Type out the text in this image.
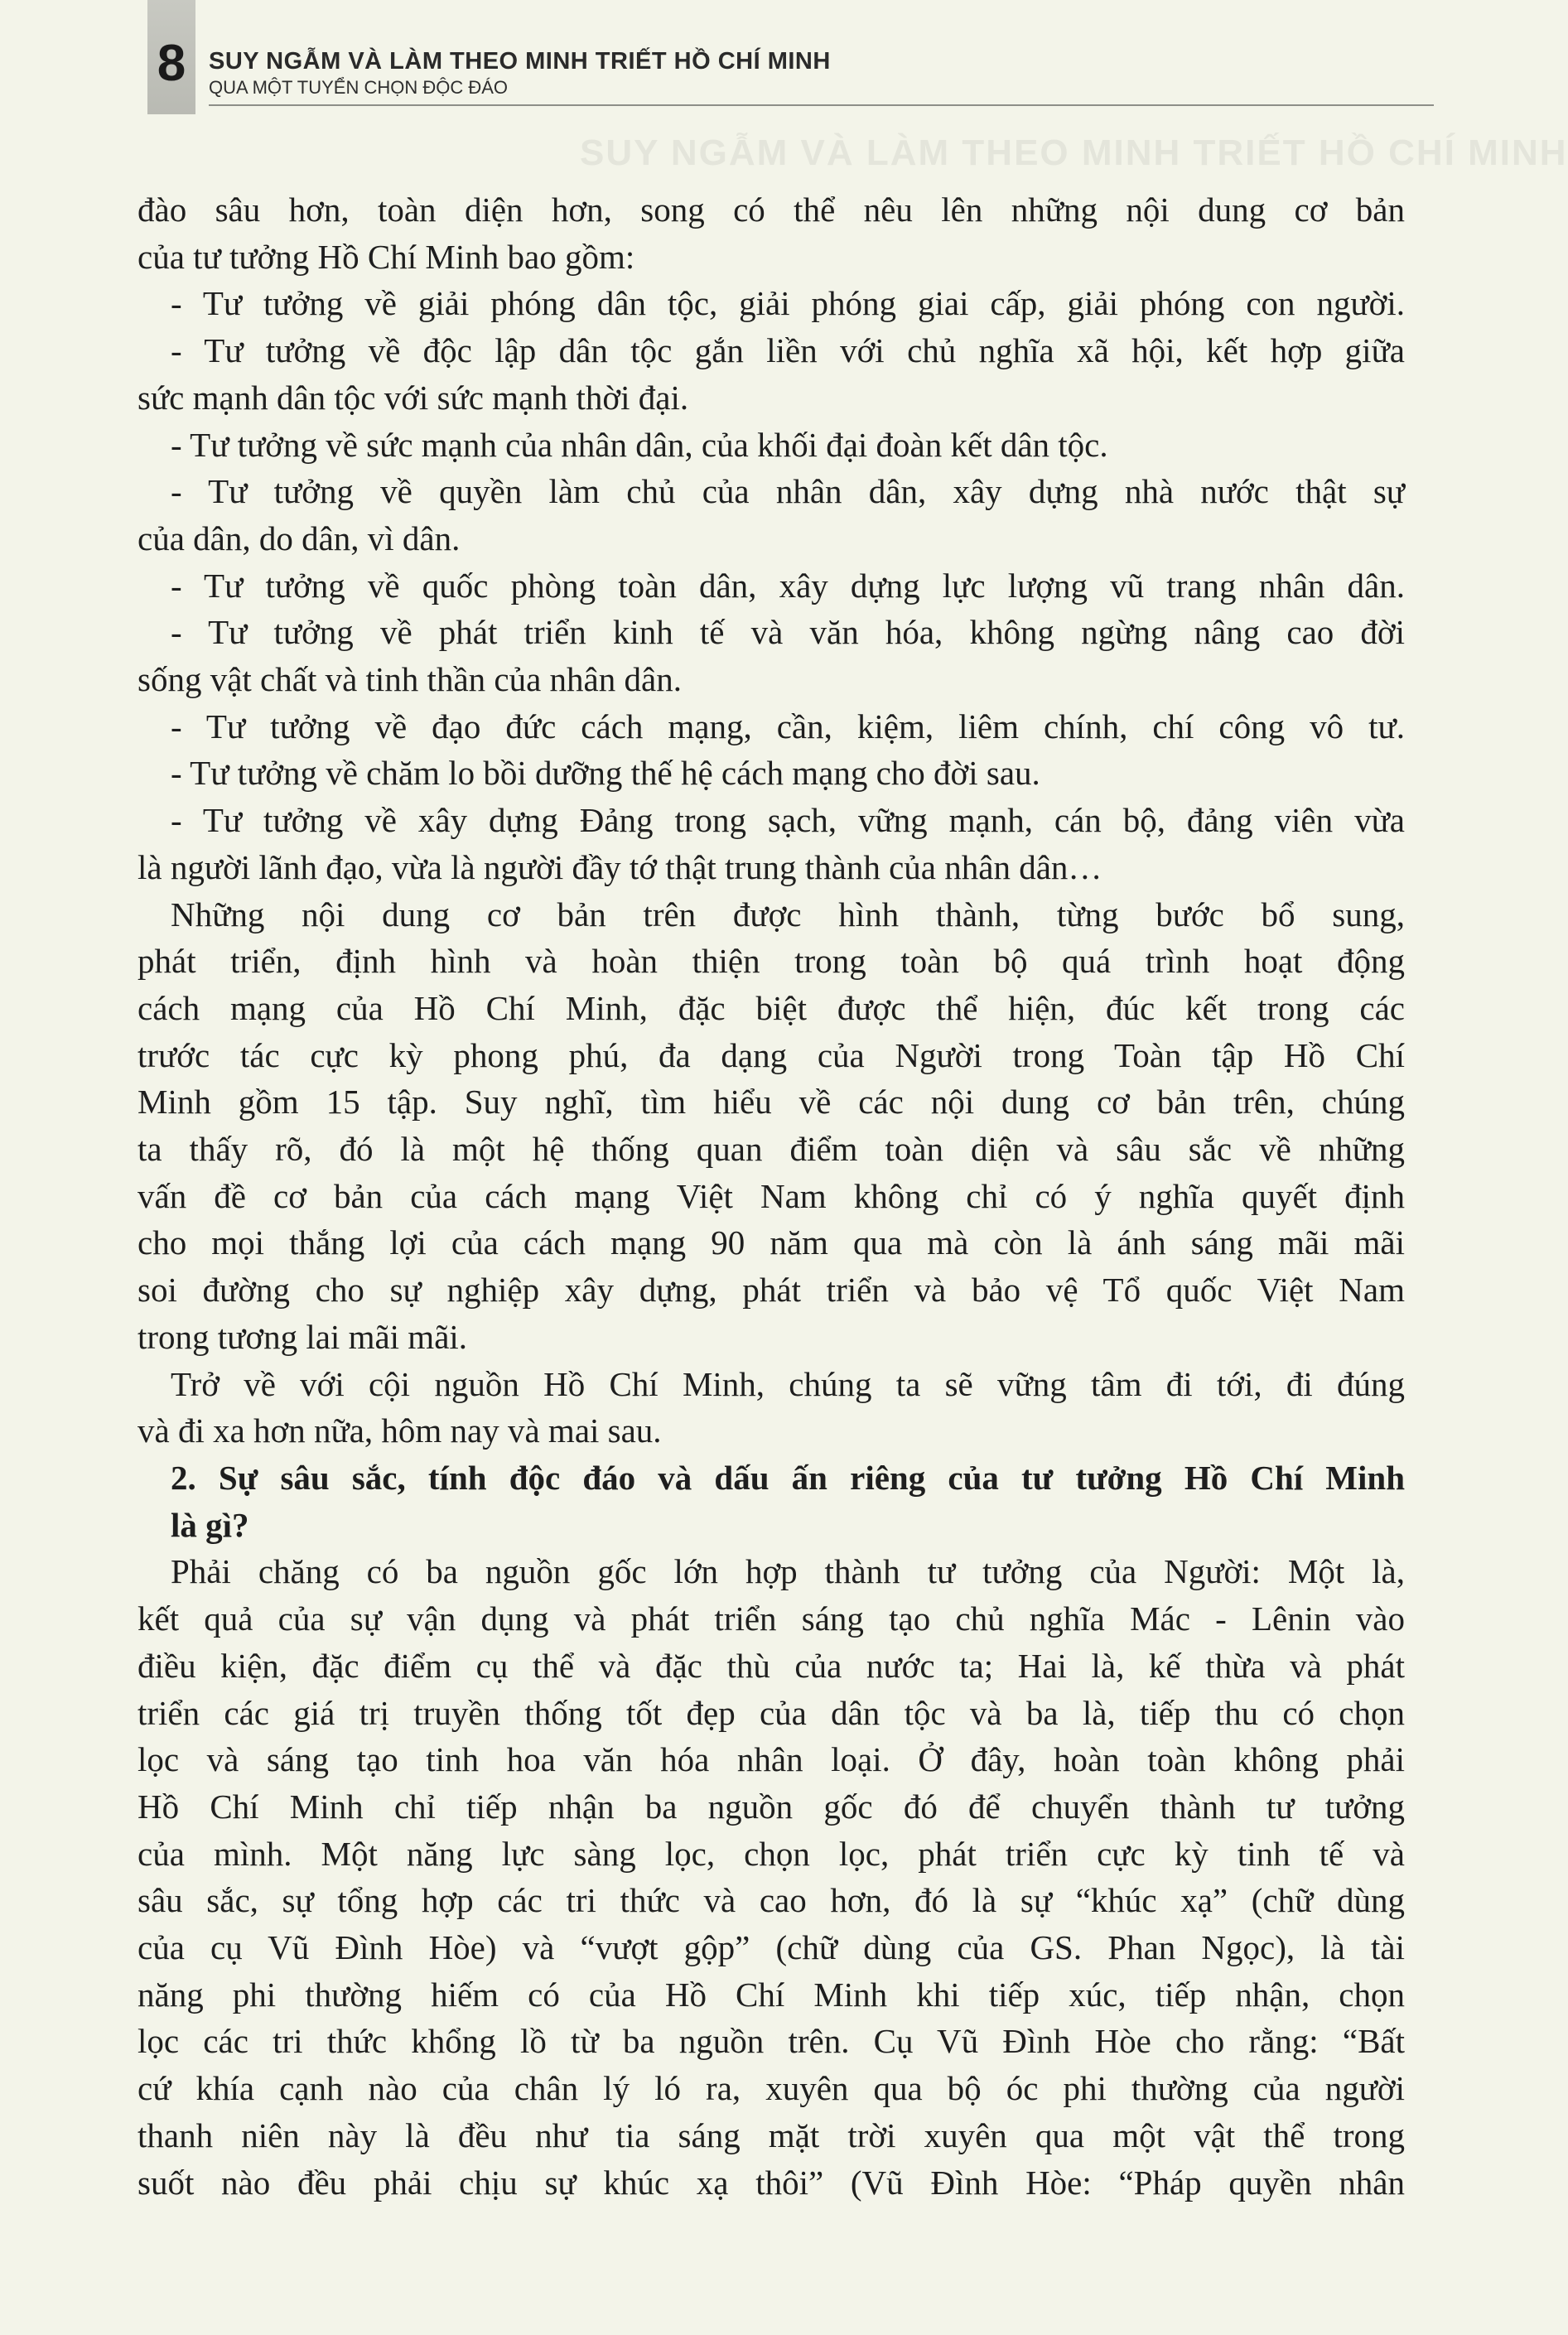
SUY NGẪM VÀ LÀM THEO MINH TRIẾT HỒ CHÍ MINH
8 SUY NGẪM VÀ LÀM THEO MINH TRIẾT HỒ CHÍ MINH
QUA MỘT TUYỂN CHỌN ĐỘC ĐÁO

đào sâu hơn, toàn diện hơn, song có thể nêu lên những nội dung cơ bản

của tư tưởng Hồ Chí Minh bao gồm:

- Tư tưởng về giải phóng dân tộc, giải phóng giai cấp, giải phóng con người.

- Tư tưởng về độc lập dân tộc gắn liền với chủ nghĩa xã hội, kết hợp giữa

sức mạnh dân tộc với sức mạnh thời đại.

- Tư tưởng về sức mạnh của nhân dân, của khối đại đoàn kết dân tộc.

- Tư tưởng về quyền làm chủ của nhân dân, xây dựng nhà nước thật sự

của dân, do dân, vì dân.

- Tư tưởng về quốc phòng toàn dân, xây dựng lực lượng vũ trang nhân dân.

- Tư tưởng về phát triển kinh tế và văn hóa, không ngừng nâng cao đời

sống vật chất và tinh thần của nhân dân.

- Tư tưởng về đạo đức cách mạng, cần, kiệm, liêm chính, chí công vô tư.

- Tư tưởng về chăm lo bồi dưỡng thế hệ cách mạng cho đời sau.

- Tư tưởng về xây dựng Đảng trong sạch, vững mạnh, cán bộ, đảng viên vừa

là người lãnh đạo, vừa là người đầy tớ thật trung thành của nhân dân…

Những nội dung cơ bản trên được hình thành, từng bước bổ sung,

phát triển, định hình và hoàn thiện trong toàn bộ quá trình hoạt động

cách mạng của Hồ Chí Minh, đặc biệt được thể hiện, đúc kết trong các

trước tác cực kỳ phong phú, đa dạng của Người trong Toàn tập Hồ Chí

Minh gồm 15 tập. Suy nghĩ, tìm hiểu về các nội dung cơ bản trên, chúng

ta thấy rõ, đó là một hệ thống quan điểm toàn diện và sâu sắc về những

vấn đề cơ bản của cách mạng Việt Nam không chỉ có ý nghĩa quyết định

cho mọi thắng lợi của cách mạng 90 năm qua mà còn là ánh sáng mãi mãi

soi đường cho sự nghiệp xây dựng, phát triển và bảo vệ Tổ quốc Việt Nam

trong tương lai mãi mãi.

Trở về với cội nguồn Hồ Chí Minh, chúng ta sẽ vững tâm đi tới, đi đúng

và đi xa hơn nữa, hôm nay và mai sau.

2. Sự sâu sắc, tính độc đáo và dấu ấn riêng của tư tưởng Hồ Chí Minh

là gì?

Phải chăng có ba nguồn gốc lớn hợp thành tư tưởng của Người: Một là,

kết quả của sự vận dụng và phát triển sáng tạo chủ nghĩa Mác - Lênin vào

điều kiện, đặc điểm cụ thể và đặc thù của nước ta; Hai là, kế thừa và phát

triển các giá trị truyền thống tốt đẹp của dân tộc và ba là, tiếp thu có chọn

lọc và sáng tạo tinh hoa văn hóa nhân loại. Ở đây, hoàn toàn không phải

Hồ Chí Minh chỉ tiếp nhận ba nguồn gốc đó để chuyển thành tư tưởng

của mình. Một năng lực sàng lọc, chọn lọc, phát triển cực kỳ tinh tế và

sâu sắc, sự tổng hợp các tri thức và cao hơn, đó là sự “khúc xạ” (chữ dùng

của cụ Vũ Đình Hòe) và “vượt gộp” (chữ dùng của GS. Phan Ngọc), là tài

năng phi thường hiếm có của Hồ Chí Minh khi tiếp xúc, tiếp nhận, chọn

lọc các tri thức khổng lồ từ ba nguồn trên. Cụ Vũ Đình Hòe cho rằng: “Bất

cứ khía cạnh nào của chân lý ló ra, xuyên qua bộ óc phi thường của người

thanh niên này là đều như tia sáng mặt trời xuyên qua một vật thể trong

suốt nào đều phải chịu sự khúc xạ thôi” (Vũ Đình Hòe: “Pháp quyền nhân
